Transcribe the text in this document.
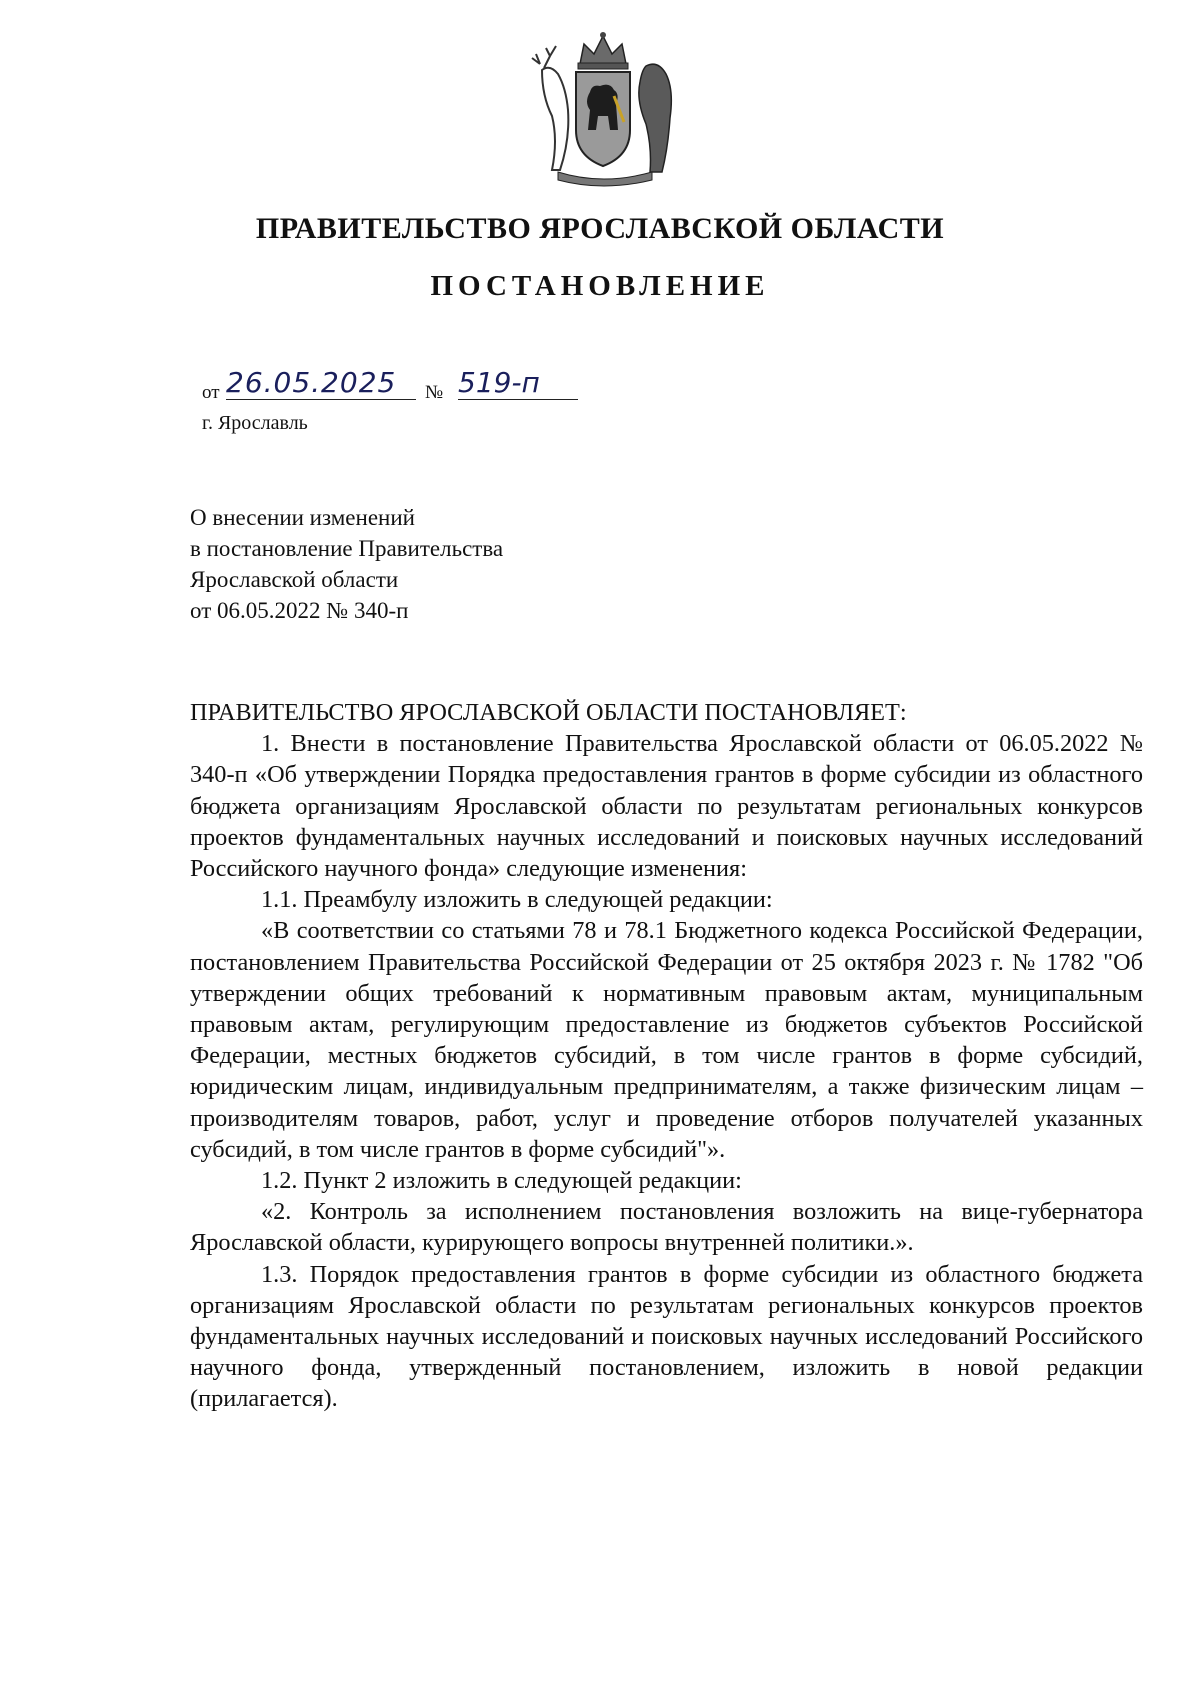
ПРАВИТЕЛЬСТВО ЯРОСЛАВСКОЙ ОБЛАСТИ
ПОСТАНОВЛЕНИЕ
от 26.05.2025	№ 519-п
г. Ярославль
О внесении изменений
в постановление Правительства
Ярославской области
от 06.05.2022 № 340-п

ПРАВИТЕЛЬСТВО ЯРОСЛАВСКОЙ ОБЛАСТИ ПОСТАНОВЛЯЕТ:

1. Внести в постановление Правительства Ярославской области от 06.05.2022 № 340-п «Об утверждении Порядка предоставления грантов в форме субсидии из областного бюджета организациям Ярославской области по результатам региональных конкурсов проектов фундаментальных научных исследований и поисковых научных исследований Российского научного фонда» следующие изменения:

1.1. Преамбулу изложить в следующей редакции:

«В соответствии со статьями 78 и 78.1 Бюджетного кодекса Российской Федерации, постановлением Правительства Российской Федерации от 25 октября 2023 г. № 1782 "Об утверждении общих требований к нормативным правовым актам, муниципальным правовым актам, регулирующим предоставление из бюджетов субъектов Российской Федерации, местных бюджетов субсидий, в том числе грантов в форме субсидий, юридическим лицам, индивидуальным предпринимателям, а также физическим лицам – производителям товаров, работ, услуг и проведение отборов получателей указанных субсидий, в том числе грантов в форме субсидий"».

1.2. Пункт 2 изложить в следующей редакции:

«2. Контроль за исполнением постановления возложить на вице-губернатора Ярославской области, курирующего вопросы внутренней политики.».

1.3. Порядок предоставления грантов в форме субсидии из областного бюджета организациям Ярославской области по результатам региональных конкурсов проектов фундаментальных научных исследований и поисковых научных исследований Российского научного фонда, утвержденный постановлением, изложить в новой редакции (прилагается).
